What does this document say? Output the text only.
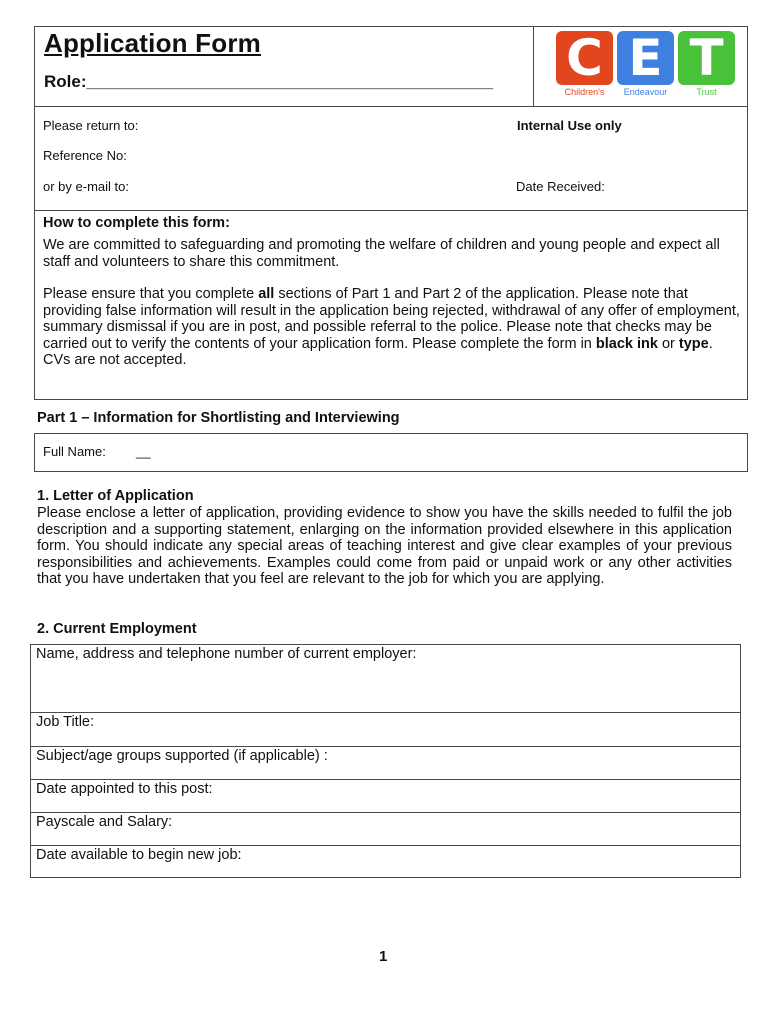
Application Form
Role:___________________________________________ C E T
Children's	Endeavour	Trust
Please return to:	Internal Use only
Reference No:
or by e-mail to:	Date Received:
How to complete this form:
We are committed to safeguarding and promoting the welfare of children and young people and expect all staff and volunteers to share this commitment.
Please ensure that you complete all sections of Part 1 and Part 2 of the application. Please note that providing false information will result in the application being rejected, withdrawal of any offer of employment, summary dismissal if you are in post, and possible referral to the police. Please note that checks may be carried out to verify the contents of your application form. Please complete the form in black ink or type. CVs are not accepted.
Part 1 – Information for Shortlisting and Interviewing
Full Name: __
1. Letter of Application
Please enclose a letter of application, providing evidence to show you have the skills needed to fulfil the job description and a supporting statement, enlarging on the information provided elsewhere in this application form. You should indicate any special areas of teaching interest and give clear examples of your previous responsibilities and achievements. Examples could come from paid or unpaid work or any other activities that you have undertaken that you feel are relevant to the job for which you are applying.
2. Current Employment
Name, address and telephone number of current employer:
Job Title:
Subject/age groups supported (if applicable) :
Date appointed to this post:
Payscale and Salary:
Date available to begin new job:
1
